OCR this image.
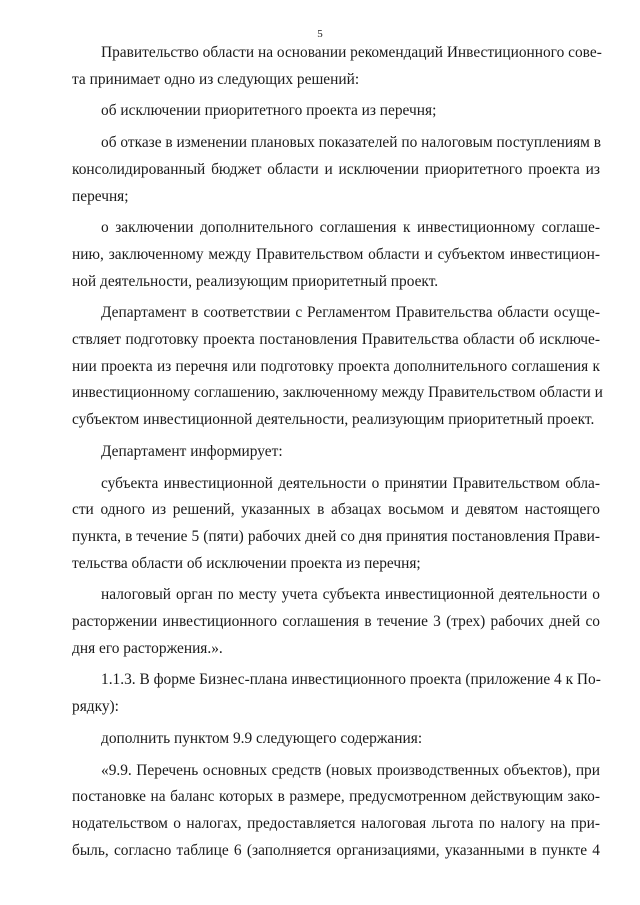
5
Правительство области на основании рекомендаций Инвестиционного сове-
та принимает одно из следующих решений:
об исключении приоритетного проекта из перечня;
об отказе в изменении плановых показателей по налоговым поступлениям в
консолидированный бюджет области и исключении приоритетного проекта из
перечня;
о заключении дополнительного соглашения к инвестиционному соглаше-
нию, заключенному между Правительством области и субъектом инвестицион-
ной деятельности, реализующим приоритетный проект.
Департамент в соответствии с Регламентом Правительства области осуще-
ствляет подготовку проекта постановления Правительства области об исключе-
нии проекта из перечня или подготовку проекта дополнительного соглашения к
инвестиционному соглашению, заключенному между Правительством области и
субъектом инвестиционной деятельности, реализующим приоритетный проект.
Департамент информирует:
субъекта инвестиционной деятельности о принятии Правительством обла-
сти одного из решений, указанных в абзацах восьмом и девятом настоящего
пункта, в течение 5 (пяти) рабочих дней со дня принятия постановления Прави-
тельства области об исключении проекта из перечня;
налоговый орган по месту учета субъекта инвестиционной деятельности о
расторжении инвестиционного соглашения в течение 3 (трех) рабочих дней со
дня его расторжения.».
1.1.3. В форме Бизнес-плана инвестиционного проекта (приложение 4 к По-
рядку):
дополнить пунктом 9.9 следующего содержания:
«9.9. Перечень основных средств (новых производственных объектов), при
постановке на баланс которых в размере, предусмотренном действующим зако-
нодательством о налогах, предоставляется налоговая льгота по налогу на при-
быль, согласно таблице 6 (заполняется организациями, указанными в пункте 4
